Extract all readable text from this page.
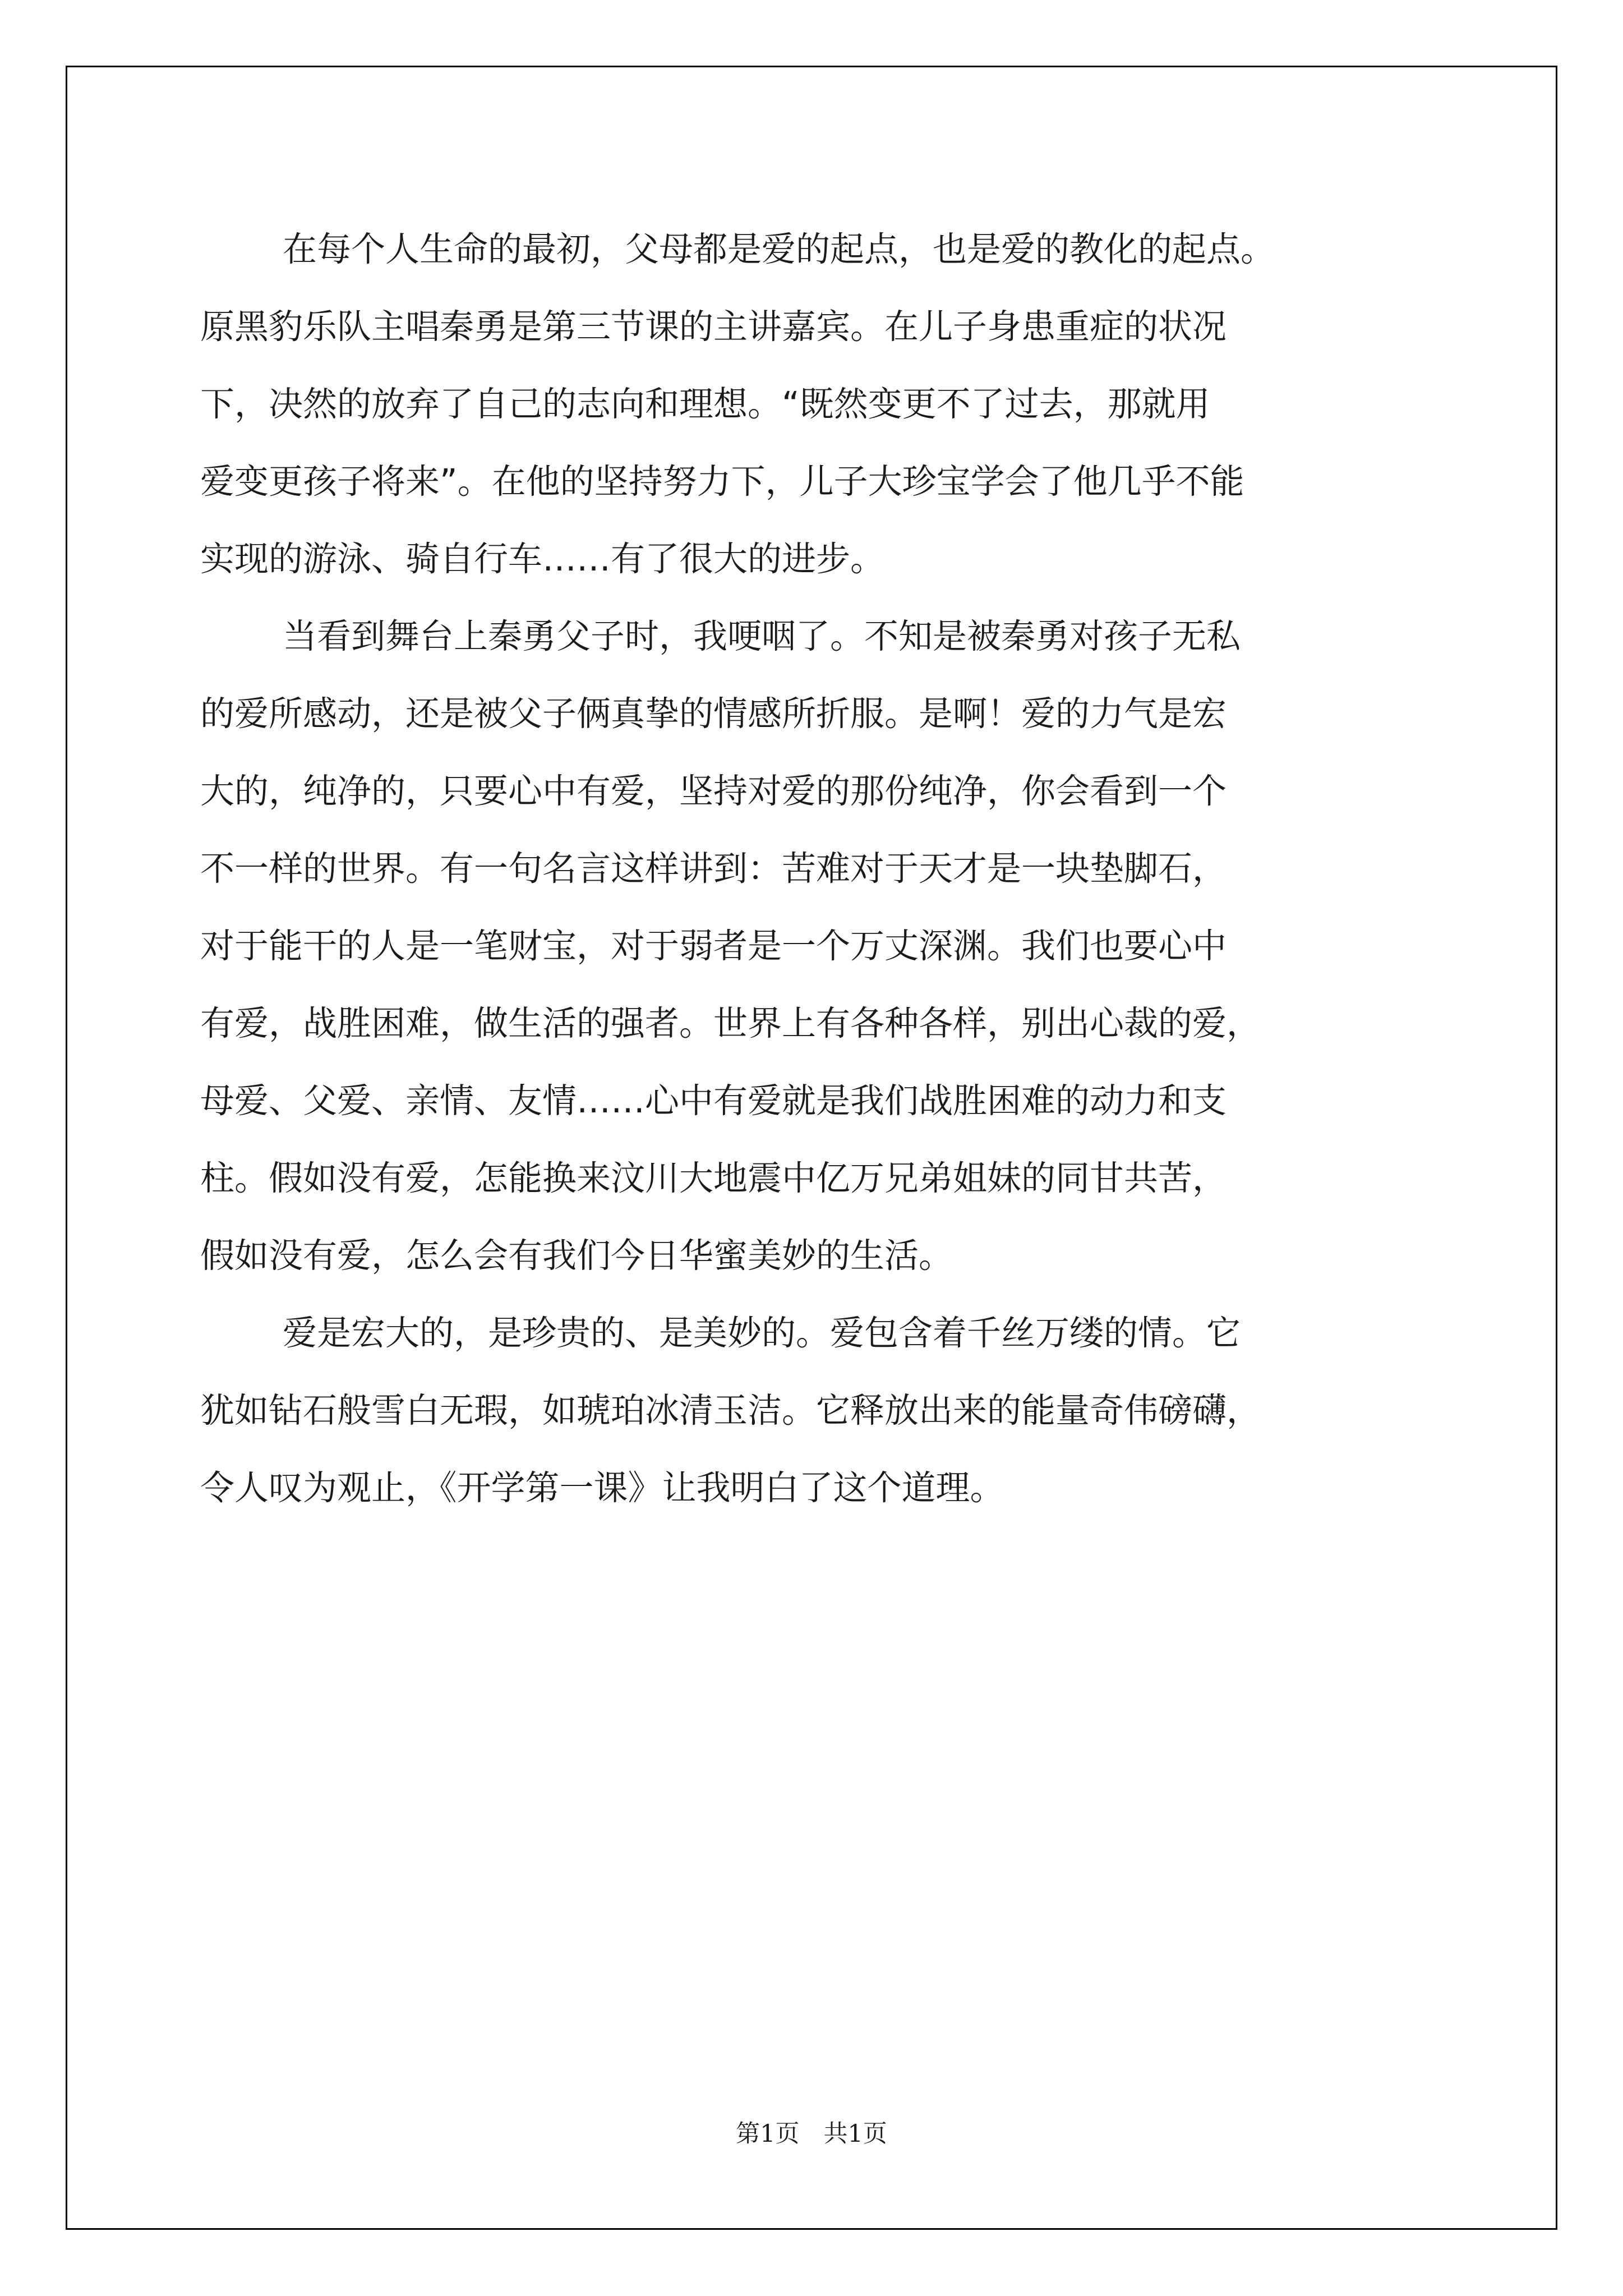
在每个人生命的最初，父母都是爱的起点，也是爱的教化的起点。
原黑豹乐队主唱秦勇是第三节课的主讲嘉宾。在儿子身患重症的状况
下，决然的放弃了自己的志向和理想。“既然变更不了过去，那就用
爱变更孩子将来”。在他的坚持努力下，儿子大珍宝学会了他几乎不能
实现的游泳、骑自行车……有了很大的进步。
当看到舞台上秦勇父子时，我哽咽了。不知是被秦勇对孩子无私
的爱所感动，还是被父子俩真挚的情感所折服。是啊！爱的力气是宏
大的，纯净的，只要心中有爱，坚持对爱的那份纯净，你会看到一个
不一样的世界。有一句名言这样讲到：苦难对于天才是一块垫脚石，
对于能干的人是一笔财宝，对于弱者是一个万丈深渊。我们也要心中
有爱，战胜困难，做生活的强者。世界上有各种各样，别出心裁的爱，
母爱、父爱、亲情、友情……心中有爱就是我们战胜困难的动力和支
柱。假如没有爱，怎能换来汶川大地震中亿万兄弟姐妹的同甘共苦，
假如没有爱，怎么会有我们今日华蜜美妙的生活。
爱是宏大的，是珍贵的、是美妙的。爱包含着千丝万缕的情。它
犹如钻石般雪白无瑕，如琥珀冰清玉洁。它释放出来的能量奇伟磅礴，
令人叹为观止，《开学第一课》让我明白了这个道理。
第1页　共1页
